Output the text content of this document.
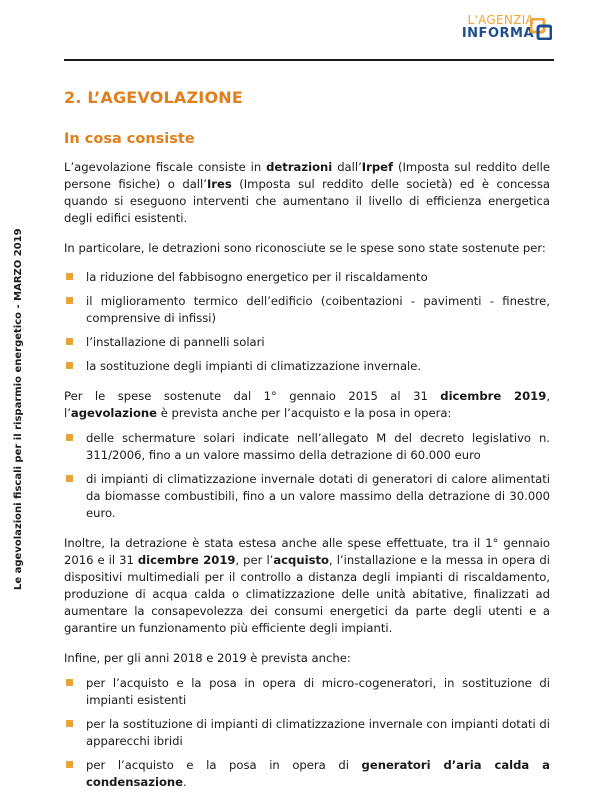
L'AGENZIA
INFORMA
Le agevolazioni fiscali per il risparmio energetico - MARZO 2019
2. L’AGEVOLAZIONE
In cosa consiste

L’agevolazione fiscale consiste in detrazioni dall’Irpef (Imposta sul reddito delle persone fisiche) o dall’Ires (Imposta sul reddito delle società) ed è concessa quando si eseguono interventi che aumentano il livello di efficienza energetica degli edifici esistenti.

In particolare, le detrazioni sono riconosciute se le spese sono state sostenute per:

la riduzione del fabbisogno energetico per il riscaldamento
il miglioramento termico dell’edificio (coibentazioni - pavimenti - finestre, comprensive di infissi)
l’installazione di pannelli solari
la sostituzione degli impianti di climatizzazione invernale.

Per le spese sostenute dal 1° gennaio 2015 al 31 dicembre 2019, l’agevolazione è prevista anche per l’acquisto e la posa in opera:

delle schermature solari indicate nell’allegato M del decreto legislativo n. 311/2006, fino a un valore massimo della detrazione di 60.000 euro
di impianti di climatizzazione invernale dotati di generatori di calore alimentati da biomasse combustibili, fino a un valore massimo della detrazione di 30.000 euro.

Inoltre, la detrazione è stata estesa anche alle spese effettuate, tra il 1° gennaio 2016 e il 31 dicembre 2019, per l’acquisto, l’installazione e la messa in opera di dispositivi multimediali per il controllo a distanza degli impianti di riscaldamento, produzione di acqua calda o climatizzazione delle unità abitative, finalizzati ad aumentare la consapevolezza dei consumi energetici da parte degli utenti e a garantire un funzionamento più efficiente degli impianti.

Infine, per gli anni 2018 e 2019 è prevista anche:

per l’acquisto e la posa in opera di micro-cogeneratori, in sostituzione di impianti esistenti
per la sostituzione di impianti di climatizzazione invernale con impianti dotati di apparecchi ibridi
per l’acquisto e la posa in opera di generatori d’aria calda a condensazione.
